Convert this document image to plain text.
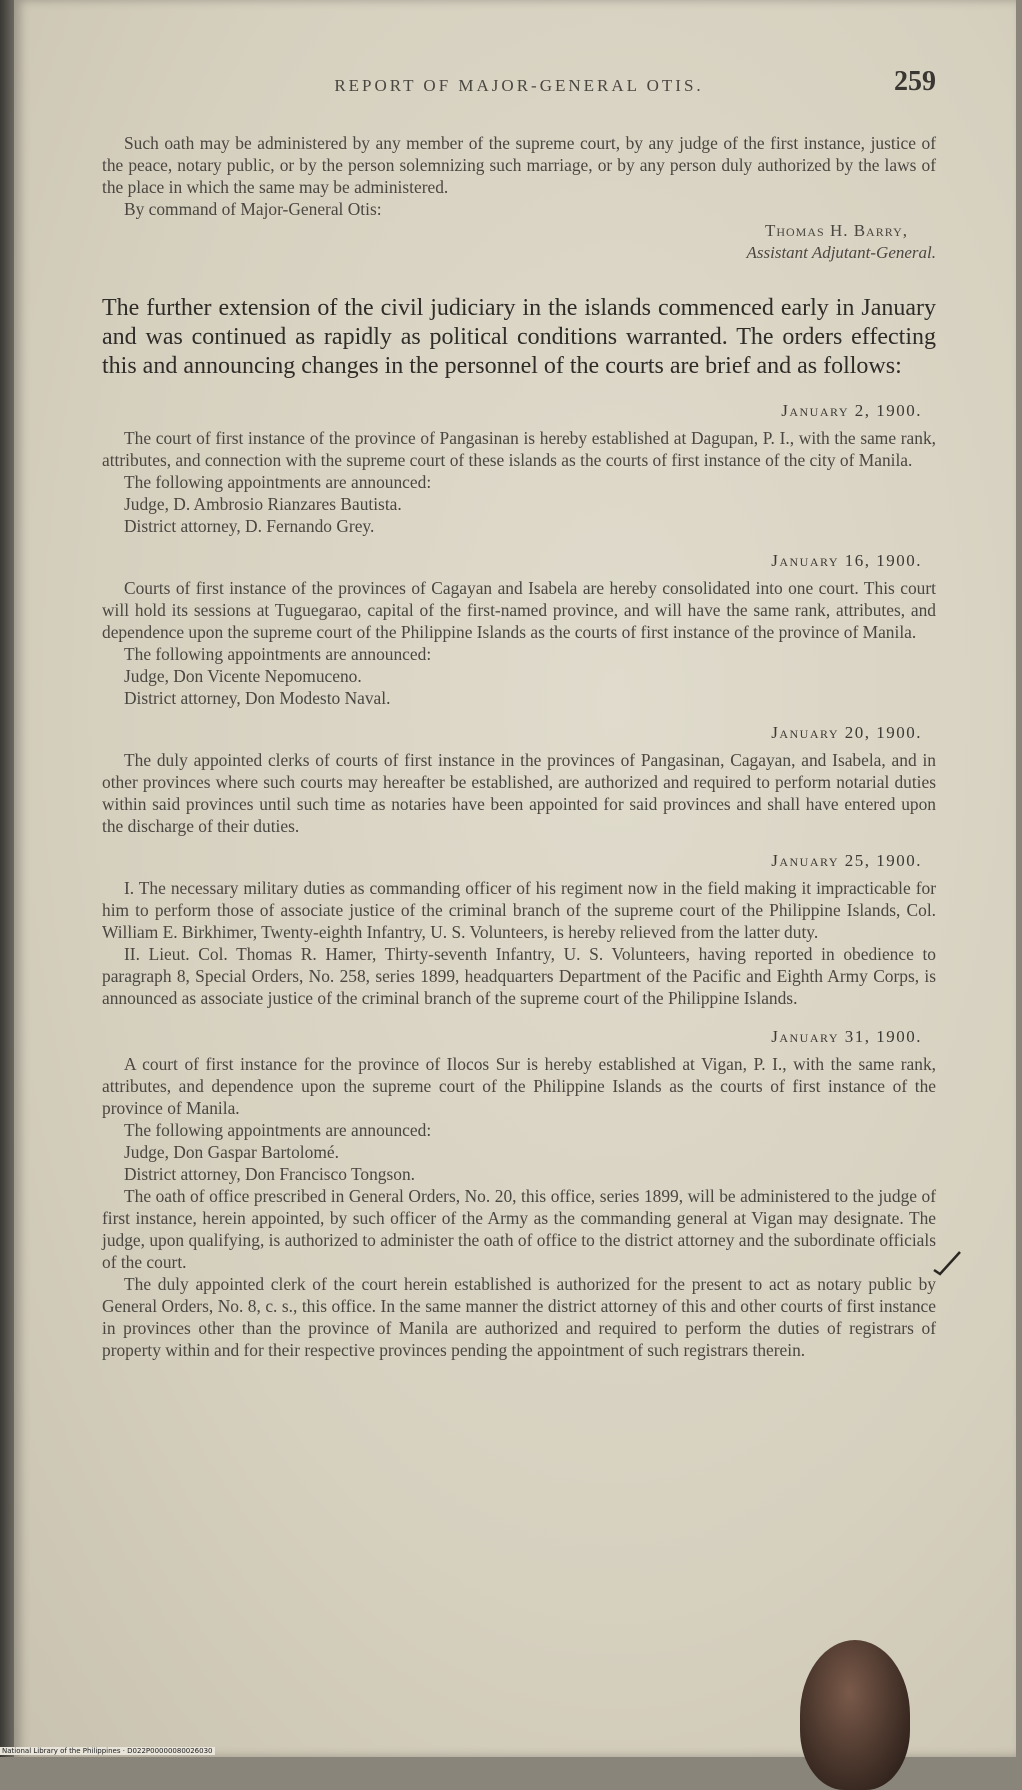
REPORT OF MAJOR-GENERAL OTIS.	259

Such oath may be administered by any member of the supreme court, by any judge of the first instance, justice of the peace, notary public, or by the person solemnizing such marriage, or by any person duly authorized by the laws of the place in which the same may be administered.

By command of Major-General Otis:

Thomas H. Barry,
Assistant Adjutant-General.

The further extension of the civil judiciary in the islands commenced early in January and was continued as rapidly as political conditions warranted. The orders effecting this and announcing changes in the personnel of the courts are brief and as follows:

January 2, 1900.

The court of first instance of the province of Pangasinan is hereby established at Dagupan, P. I., with the same rank, attributes, and connection with the supreme court of these islands as the courts of first instance of the city of Manila.

The following appointments are announced:

Judge, D. Ambrosio Rianzares Bautista.

District attorney, D. Fernando Grey.

January 16, 1900.

Courts of first instance of the provinces of Cagayan and Isabela are hereby consolidated into one court. This court will hold its sessions at Tuguegarao, capital of the first-named province, and will have the same rank, attributes, and dependence upon the supreme court of the Philippine Islands as the courts of first instance of the province of Manila.

The following appointments are announced:

Judge, Don Vicente Nepomuceno.

District attorney, Don Modesto Naval.

January 20, 1900.

The duly appointed clerks of courts of first instance in the provinces of Pangasinan, Cagayan, and Isabela, and in other provinces where such courts may hereafter be established, are authorized and required to perform notarial duties within said provinces until such time as notaries have been appointed for said provinces and shall have entered upon the discharge of their duties.

January 25, 1900.

I. The necessary military duties as commanding officer of his regiment now in the field making it impracticable for him to perform those of associate justice of the criminal branch of the supreme court of the Philippine Islands, Col. William E. Birkhimer, Twenty-eighth Infantry, U. S. Volunteers, is hereby relieved from the latter duty.

II. Lieut. Col. Thomas R. Hamer, Thirty-seventh Infantry, U. S. Volunteers, having reported in obedience to paragraph 8, Special Orders, No. 258, series 1899, headquarters Department of the Pacific and Eighth Army Corps, is announced as associate justice of the criminal branch of the supreme court of the Philippine Islands.

January 31, 1900.

A court of first instance for the province of Ilocos Sur is hereby established at Vigan, P. I., with the same rank, attributes, and dependence upon the supreme court of the Philippine Islands as the courts of first instance of the province of Manila.

The following appointments are announced:

Judge, Don Gaspar Bartolomé.

District attorney, Don Francisco Tongson.

The oath of office prescribed in General Orders, No. 20, this office, series 1899, will be administered to the judge of first instance, herein appointed, by such officer of the Army as the commanding general at Vigan may designate. The judge, upon qualifying, is authorized to administer the oath of office to the district attorney and the subordinate officials of the court.

The duly appointed clerk of the court herein established is authorized for the present to act as notary public by General Orders, No. 8, c. s., this office. In the same manner the district attorney of this and other courts of first instance in provinces other than the province of Manila are authorized and required to perform the duties of registrars of property within and for their respective provinces pending the appointment of such registrars therein.

National Library of the Philippines · D022P00000080026030
